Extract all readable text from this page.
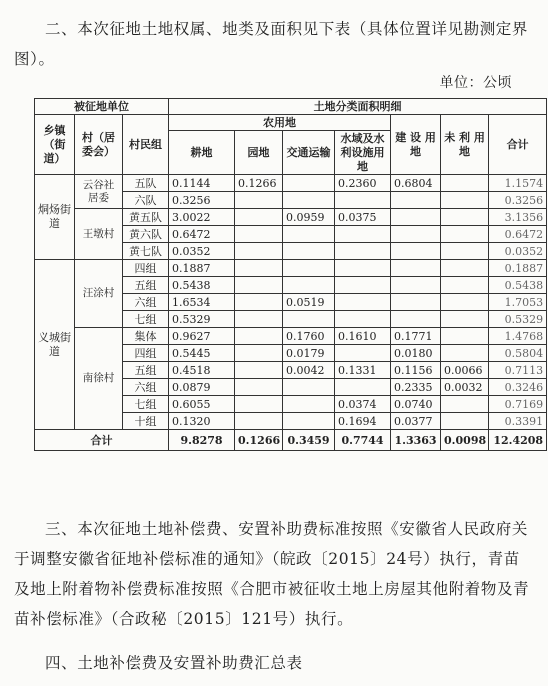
二、本次征地土地权属、地类及面积见下表（具体位置详见勘测定界图）。

单位：公顷
被征地单位			土地分类面积明细						
乡镇（街道）	村（居委会）	村民组	农用地				建 设 用 地	未 利 用 地	合计
			耕地	园地	交通运输	水域及水利设施用地			
烔炀街道	云谷社居委	五队	0.1144	0.1266		0.2360	0.6804		1.1574
		六队	0.3256						0.3256
	王墩村	黄五队	3.0022		0.0959	0.0375			3.1356
		黄六队	0.6472						0.6472
		黄七队	0.0352						0.0352
义城街道	汪涂村	四组	0.1887						0.1887
		五组	0.5438						0.5438
		六组	1.6534		0.0519				1.7053
		七组	0.5329						0.5329
	南徐村	集体	0.9627		0.1760	0.1610	0.1771		1.4768
		四组	0.5445		0.0179		0.0180		0.5804
		五组	0.4518		0.0042	0.1331	0.1156	0.0066	0.7113
		六组	0.0879				0.2335	0.0032	0.3246
		七组	0.6055			0.0374	0.0740		0.7169
		十组	0.1320			0.1694	0.0377		0.3391
合计			9.8278	0.1266	0.3459	0.7744	1.3363	0.0098	12.4208

三、本次征地土地补偿费、安置补助费标准按照《安徽省人民政府关于调整安徽省征地补偿标准的通知》（皖政〔2015〕24号）执行，青苗及地上附着物补偿费标准按照《合肥市被征收土地上房屋其他附着物及青苗补偿标准》（合政秘〔2015〕121号）执行。

四、土地补偿费及安置补助费汇总表
